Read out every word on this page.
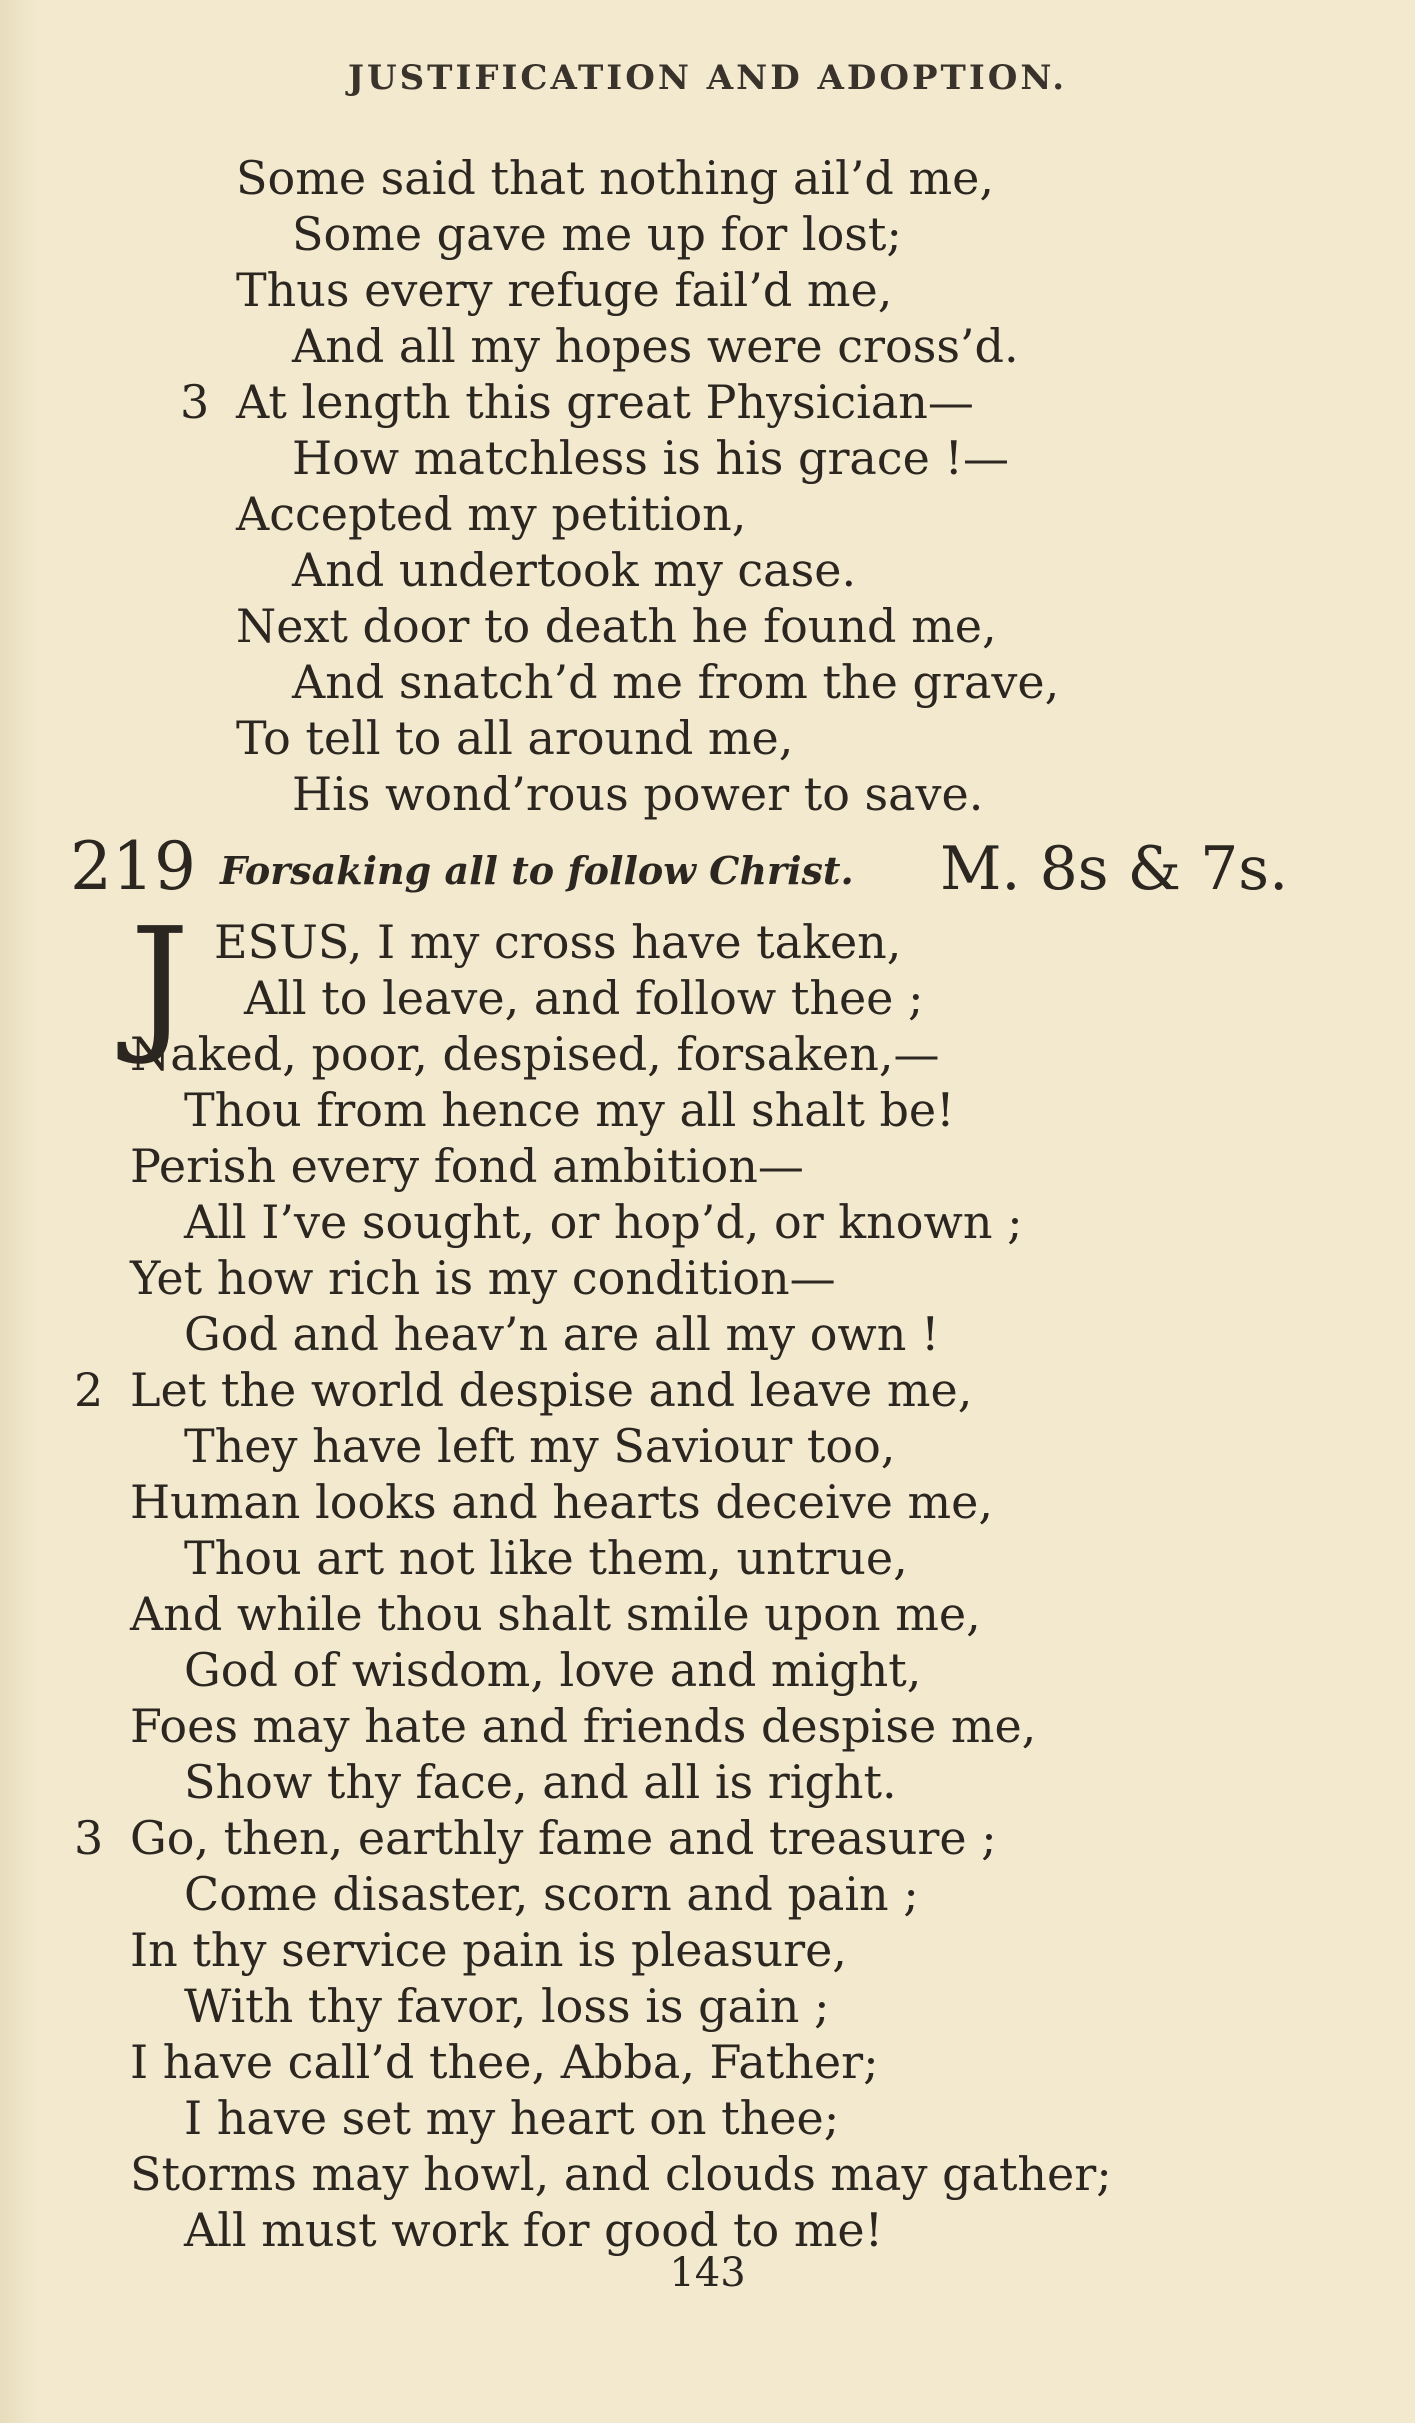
JUSTIFICATION AND ADOPTION.
Some said that nothing ail’d me,
Some gave me up for lost;
Thus every refuge fail’d me,
And all my hopes were cross’d.
3 At length this great Physician—
How matchless is his grace !—
Accepted my petition,
And undertook my case.
Next door to death he found me,
And snatch’d me from the grave,
To tell to all around me,
His wond’rous power to save.
219 Forsaking all to follow Christ. M. 8s & 7s.
J ESUS, I my cross have taken,
All to leave, and follow thee ;
Naked, poor, despised, forsaken,—
Thou from hence my all shalt be!
Perish every fond ambition—
All I’ve sought, or hop’d, or known ;
Yet how rich is my condition—
God and heav’n are all my own !
2 Let the world despise and leave me,
They have left my Saviour too,
Human looks and hearts deceive me,
Thou art not like them, untrue,
And while thou shalt smile upon me,
God of wisdom, love and might,
Foes may hate and friends despise me,
Show thy face, and all is right.
3 Go, then, earthly fame and treasure ;
Come disaster, scorn and pain ;
In thy service pain is pleasure,
With thy favor, loss is gain ;
I have call’d thee, Abba, Father;
I have set my heart on thee;
Storms may howl, and clouds may gather;
All must work for good to me!
143
